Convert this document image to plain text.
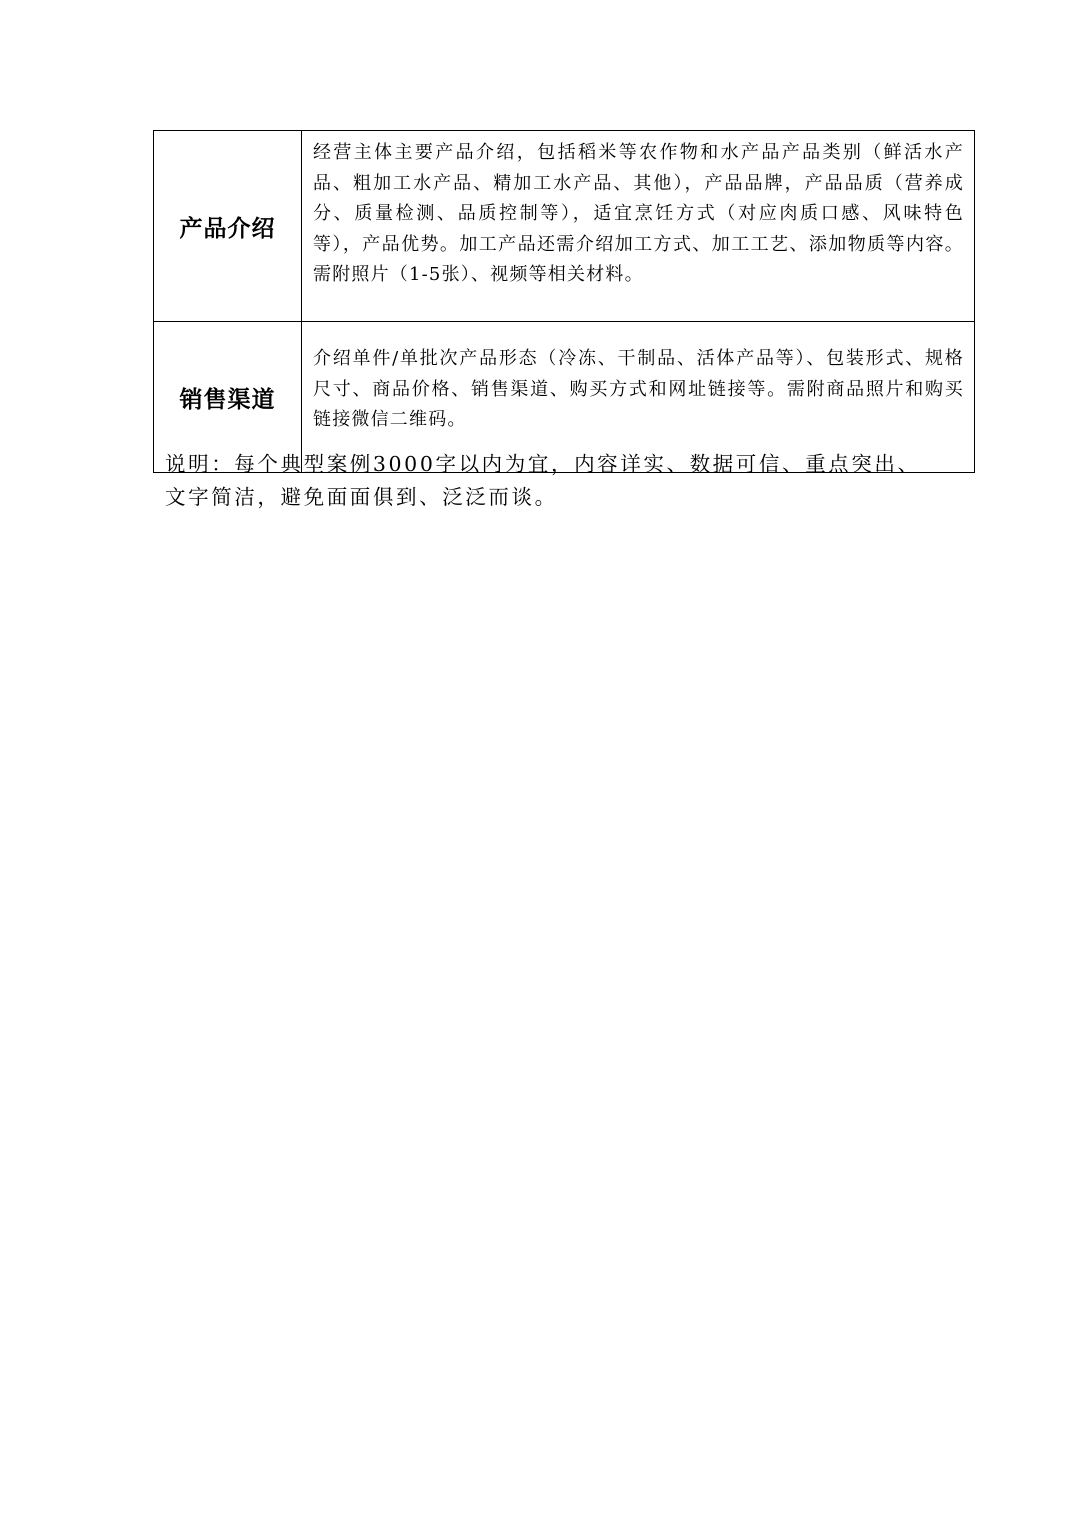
产品介绍	经营主体主要产品介绍，包括稻米等农作物和水产品产品类别（鲜活水产品、粗加工水产品、精加工水产品、其他），产品品牌，产品品质（营养成分、质量检测、品质控制等），适宜烹饪方式（对应肉质口感、风味特色等），产品优势。加工产品还需介绍加工方式、加工工艺、添加物质等内容。需附照片（1-5张）、视频等相关材料。
销售渠道	介绍单件/单批次产品形态（冷冻、干制品、活体产品等）、包装形式、规格尺寸、商品价格、销售渠道、购买方式和网址链接等。需附商品照片和购买链接微信二维码。

说明：每个典型案例3000字以内为宜，内容详实、数据可信、重点突出、文字简洁，避免面面俱到、泛泛而谈。
